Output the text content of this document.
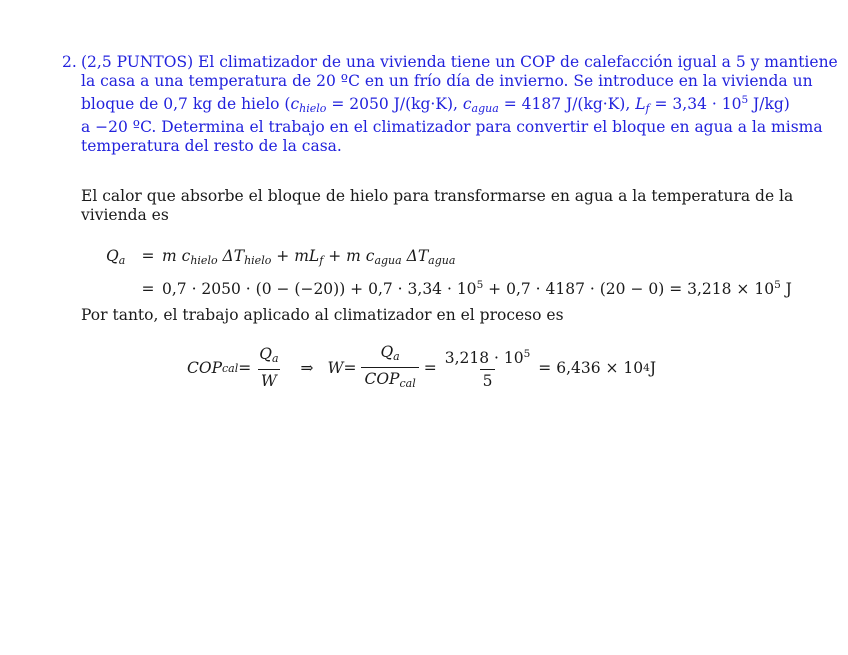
2. (2,5 PUNTOS) El climatizador de una vivienda tiene un COP de calefacción igual a 5 y mantiene
la casa a una temperatura de 20 ºC en un frío día de invierno. Se introduce en la vivienda un
bloque de 0,7 kg de hielo ($c_{hielo} = 2050$ J/(kg·K), $c_{agua} = 4187$ J/(kg·K), $L_f = 3,34 \cdot 10^5$ J/kg)
a −20 ºC. Determina el trabajo en el climatizador para convertir el bloque en agua a la misma
temperatura del resto de la casa.
El calor que absorbe el bloque de hielo para transformarse en agua a la temperatura de la
vivienda es
$Q_a$	= m $c_{hielo}$ $\Delta T_{hielo} + mL_f + m$ $c_{agua}$ $\Delta T_{agua}$
= $0,7 \cdot 2050 \cdot (0 - (-20)) + 0,7 \cdot 3,34 \cdot 10^5 + 0,7 \cdot 4187 \cdot (20 - 0) = 3,218 \times 10^5$ J
Por tanto, el trabajo aplicado al climatizador en el proceso es
COP cal = $\frac{Q_a}{W}$ ⇒ $W = \frac{Q_a}{COP_{cal}} = \frac{3,218 \cdot 10^5}{5} = 6,436 \times 10$ 4 J
